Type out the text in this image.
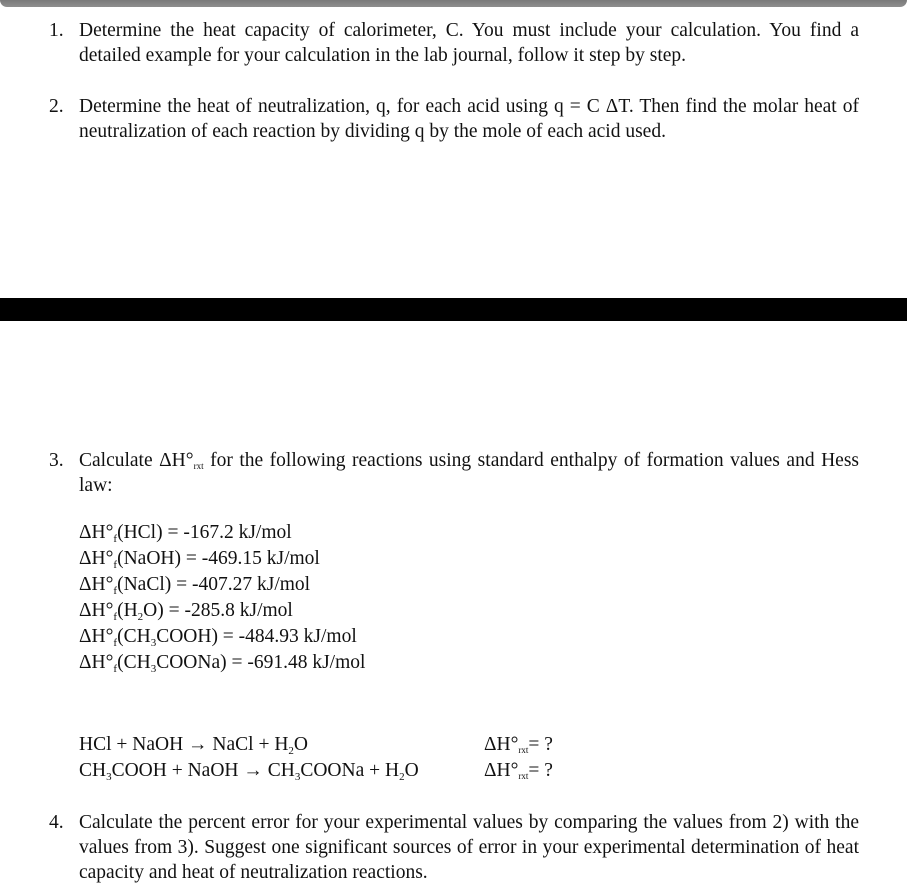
1. Determine the heat capacity of calorimeter, C. You must include your calculation. You find a detailed example for your calculation in the lab journal, follow it step by step.
2. Determine the heat of neutralization, q, for each acid using q = C ΔT. Then find the molar heat of neutralization of each reaction by dividing q by the mole of each acid used.
3. Calculate $\Delta H^\circ_{rxt}$ for the following reactions using standard enthalpy of formation values and Hess law:
$\Delta H^\circ_f(HCl) = -167.2$ kJ/mol
$\Delta H^\circ_f(NaOH) = -469.15$ kJ/mol
$\Delta H^\circ_f(NaCl) = -407.27$ kJ/mol
$\Delta H^\circ_f(H_2O) = -285.8$ kJ/mol
$\Delta H^\circ_f(CH_3COOH) = -484.93$ kJ/mol
$\Delta H^\circ_f(CH_3COONa) = -691.48$ kJ/mol
HCl + NaOH → NaCl + $H_2O$
$CH_3COOH$ + NaOH → $CH_3COONa + H_2O$
$\Delta H^\circ_{rxt}=$ ?
$\Delta H^\circ_{rxt}=$ ?
4. Calculate the percent error for your experimental values by comparing the values from 2) with the values from 3). Suggest one significant sources of error in your experimental determination of heat capacity and heat of neutralization reactions.
